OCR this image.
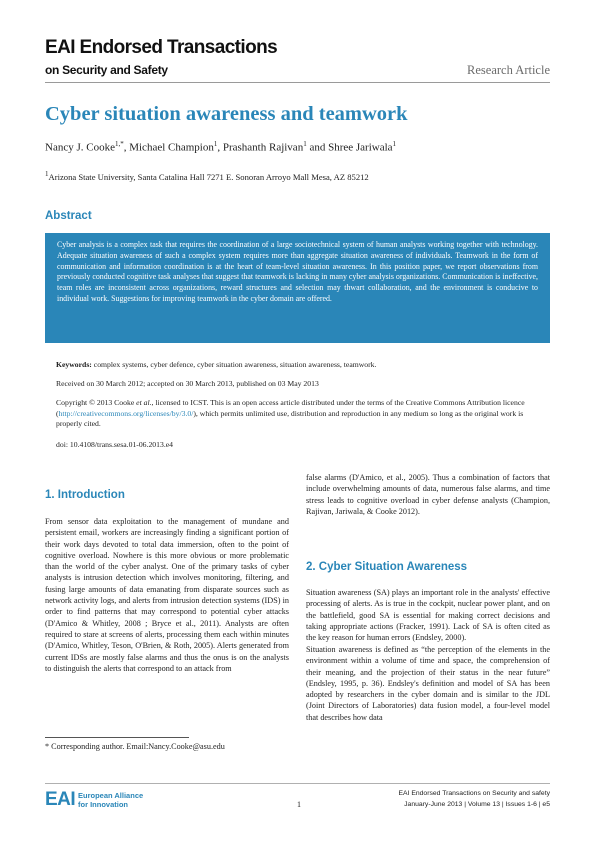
EAI Endorsed Transactions
on Security and Safety	Research Article
Cyber situation awareness and teamwork
Nancy J. Cooke$^{1,*}$, Michael Champion$^1$, Prashanth Rajivan$^1$ and Shree Jariwala$^1$
$^1$Arizona State University, Santa Catalina Hall 7271 E. Sonoran Arroyo Mall Mesa, AZ 85212
Abstract

Cyber analysis is a complex task that requires the coordination of a large sociotechnical system of human analysts working together with technology. Adequate situation awareness of such a complex system requires more than aggregate situation awareness of individuals. Teamwork in the form of communication and information coordination is at the heart of team-level situation awareness. In this position paper, we report observations from previously conducted cognitive task analyses that suggest that teamwork is lacking in many cyber analysis organizations. Communication is ineffective, team roles are inconsistent across organizations, reward structures and selection may thwart collaboration, and the environment is conducive to individual work. Suggestions for improving teamwork in the cyber domain are offered.

Keywords: complex systems, cyber defence, cyber situation awareness, situation awareness, teamwork.
Received on 30 March 2012; accepted on 30 March 2013, published on 03 May 2013
Copyright © 2013 Cooke et al., licensed to ICST. This is an open access article distributed under the terms of the Creative Commons Attribution licence (http://creativecommons.org/licenses/by/3.0/), which permits unlimited use, distribution and reproduction in any medium so long as the original work is properly cited.
doi: 10.4108/trans.sesa.01-06.2013.e4
1. Introduction

From sensor data exploitation to the management of mundane and persistent email, workers are increasingly finding a significant portion of their work days devoted to total data immersion, often to the point of cognitive overload. Nowhere is this more obvious or more problematic than the world of the cyber analyst. One of the primary tasks of cyber analysts is intrusion detection which involves monitoring, filtering, and fusing large amounts of data emanating from disparate sources such as network activity logs, and alerts from intrusion detection systems (IDS) in order to find patterns that may correspond to potential cyber attacks (D'Amico & Whitley, 2008 ; Bryce et al., 2011). Analysts are often required to stare at screens of alerts, processing them each within minutes (D'Amico, Whitley, Teson, O'Brien, & Roth, 2005). Alerts generated from current IDSs are mostly false alarms and thus the onus is on the analysts to distinguish the alerts that correspond to an attack from

false alarms (D'Amico, et al., 2005). Thus a combination of factors that include overwhelming amounts of data, numerous false alarms, and time stress leads to cognitive overload in cyber defense analysts (Champion, Rajivan, Jariwala, & Cooke 2012).

2. Cyber Situation Awareness

Situation awareness (SA) plays an important role in the analysts' effective processing of alerts. As is true in the cockpit, nuclear power plant, and on the battlefield, good SA is essential for making correct decisions and taking appropriate actions (Fracker, 1991). Lack of SA is often cited as the key reason for human errors (Endsley, 2000).

Situation awareness is defined as “the perception of the elements in the environment within a volume of time and space, the comprehension of their meaning, and the projection of their status in the near future” (Endsley, 1995, p. 36). Endsley's definition and model of SA has been adopted by researchers in the cyber domain and is similar to the JDL (Joint Directors of Laboratories) data fusion model, a four-level model that describes how data

* Corresponding author. Email:Nancy.Cooke@asu.edu
EAI European Alliance
for Innovation	1
EAI Endorsed Transactions on Security and safety
January-June 2013 | Volume 13 | Issues 1-6 | e5
